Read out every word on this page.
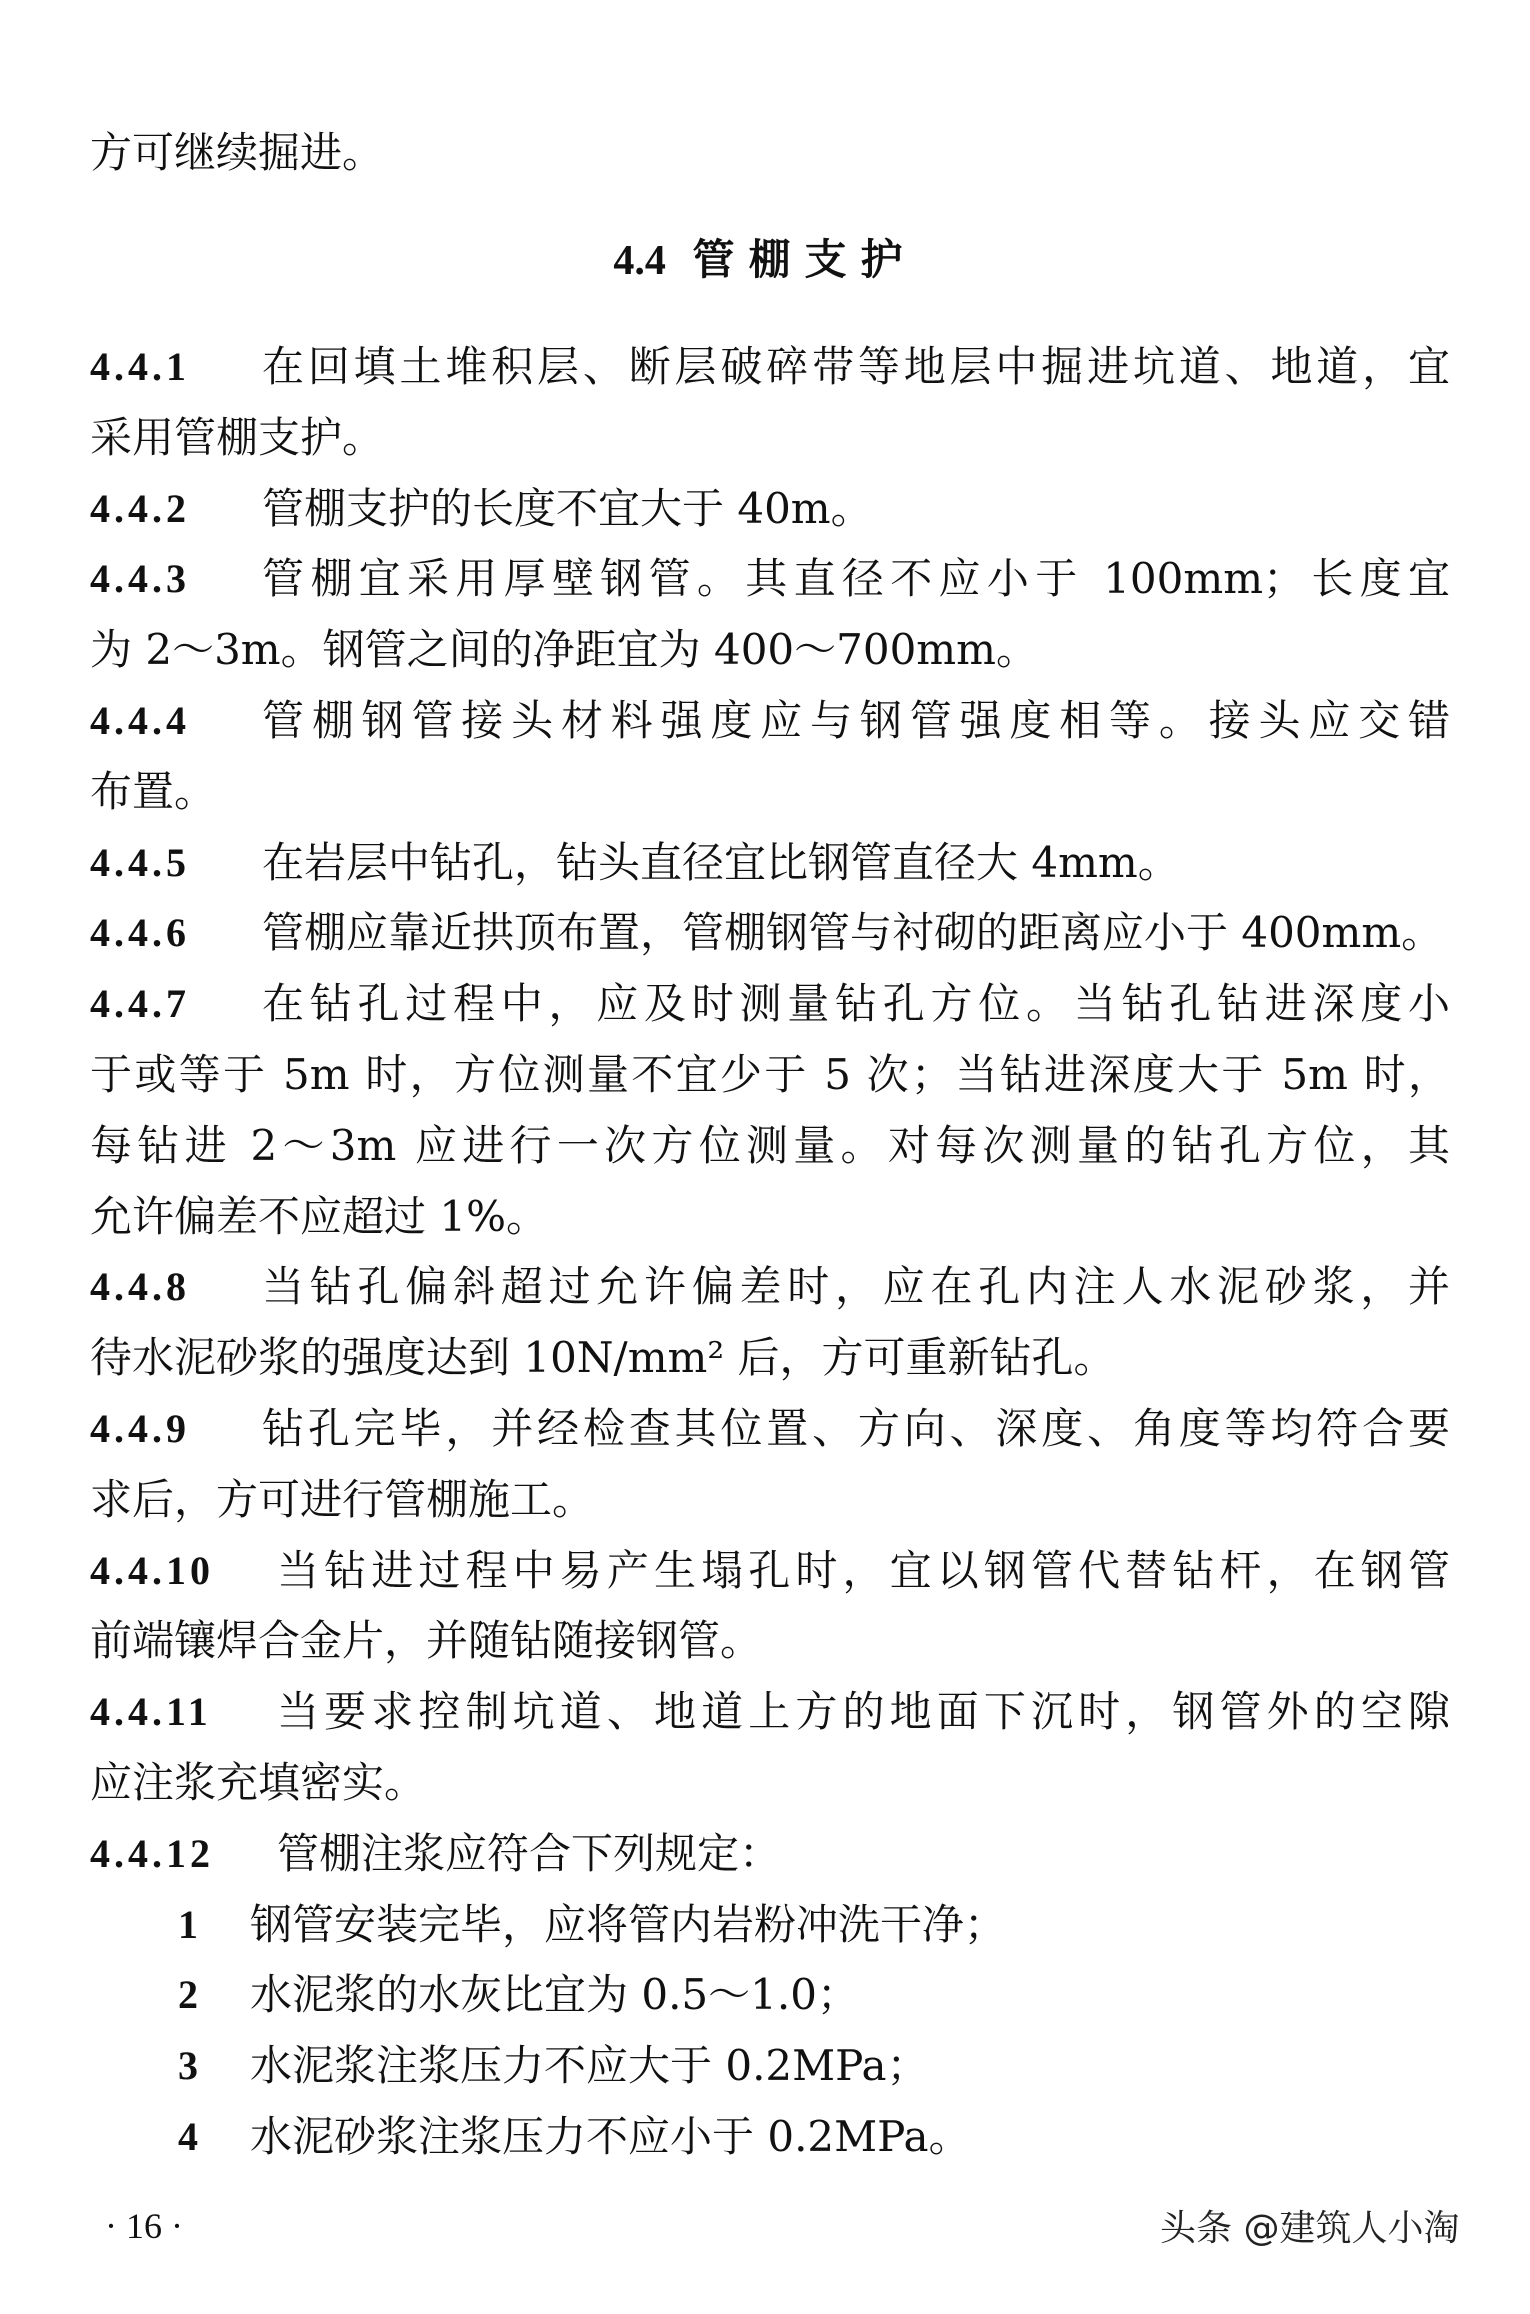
方可继续掘进。
4.4 管棚支护
4.4.1	在回填土堆积层、断层破碎带等地层中掘进坑道、地道，宜
采用管棚支护。
4.4.2	管棚支护的长度不宜大于 40m。
4.4.3	管棚宜采用厚壁钢管。其直径不应小于 100mm；长度宜
为 2～3m。钢管之间的净距宜为 400～700mm。
4.4.4	管棚钢管接头材料强度应与钢管强度相等。接头应交错
布置。
4.4.5	在岩层中钻孔，钻头直径宜比钢管直径大 4mm。
4.4.6	管棚应靠近拱顶布置，管棚钢管与衬砌的距离应小于 400mm。
4.4.7	在钻孔过程中，应及时测量钻孔方位。当钻孔钻进深度小
于或等于 5m 时，方位测量不宜少于 5 次；当钻进深度大于 5m 时，
每钻进 2～3m 应进行一次方位测量。对每次测量的钻孔方位，其
允许偏差不应超过 1%。
4.4.8	当钻孔偏斜超过允许偏差时，应在孔内注人水泥砂浆，并
待水泥砂浆的强度达到 10N/mm² 后，方可重新钻孔。
4.4.9	钻孔完毕，并经检查其位置、方向、深度、角度等均符合要
求后，方可进行管棚施工。
4.4.10	当钻进过程中易产生塌孔时，宜以钢管代替钻杆，在钢管
前端镶焊合金片，并随钻随接钢管。
4.4.11	当要求控制坑道、地道上方的地面下沉时，钢管外的空隙
应注浆充填密实。
4.4.12	管棚注浆应符合下列规定：
1	钢管安装完毕，应将管内岩粉冲洗干净；
2	水泥浆的水灰比宜为 0.5～1.0；
3	水泥浆注浆压力不应大于 0.2MPa；
4	水泥砂浆注浆压力不应小于 0.2MPa。
· 16 ·	头条 @建筑人小淘
